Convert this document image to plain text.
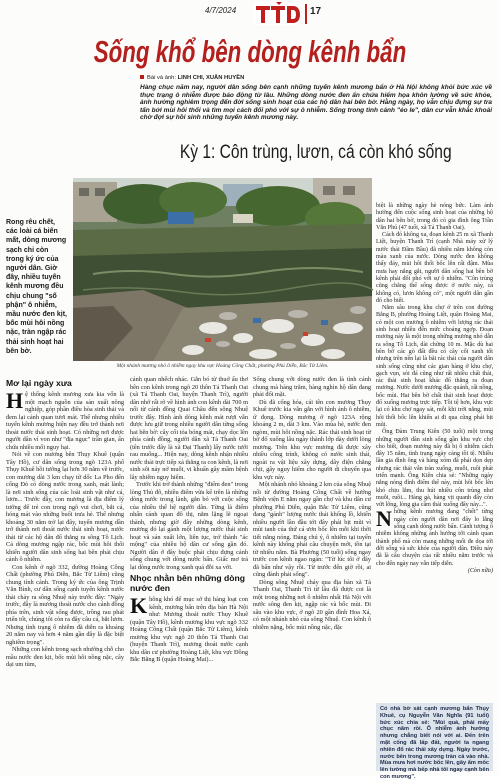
4/7/2024	17
Sống khổ bên dòng kênh bẩn
Bài và ảnh: LINH CHI, XUÂN HUYỀN

Hàng chục năm nay, người dân sống bên cạnh những tuyến kênh mương bẩn ở Hà Nội không khỏi bức xúc về thực trạng ô nhiễm được báo động từ lâu. Những dòng nước đen ẩn chứa hiểm họa khôn lường về sức khỏe, ảnh hưởng nghiêm trọng đến đời sống sinh hoạt của các hộ dân hai bên bờ. Hằng ngày, họ vẫn chịu đựng sự tra tấn bởi mùi hôi thối và tìm mọi cách đối phó với sự ô nhiễm. Sống trong tình cảnh "éo le", dân cư vẫn khắc khoải chờ đợi sự hồi sinh những tuyến kênh mương này.

Kỳ 1: Côn trùng, lươn, cá còn khó sống

Rong rêu chết, các loài cá biến mất, dòng mương sạch chỉ còn trong ký ức của người dân. Giờ đây, nhiều tuyến kênh mương đều chịu chung "số phận" ô nhiễm, mầu nước đen kịt, bốc mùi hôi nồng nặc, tràn ngập rác thải sinh hoạt hai bên bờ.

Một nhánh mương nhỏ ô nhiễm ngay khu vực Hoàng Công Chất, phường Phú Diễn, Bắc Từ Liêm.

Mơ lại ngày xưa

Hệ thống kênh mương xưa kia vốn là một mạch nguồn của sản xuất nông nghiệp, góp phần điều hòa sinh thái và đem lại cảnh quan tươi mát. Thế nhưng nhiều tuyến kênh mương hiện nay đều trở thành nơi thoát nước thải sinh hoạt. Có những nơi được người dân ví von như "địa ngục" trần gian, ẩn chứa nhiều mối nguy hại.

Nói về con mương bên Thụy Khuê (quận Tây Hồ), cư dân sống trong ngõ 123A phố Thụy Khuê hồi tưởng lại hơn 30 năm về trước, con mương dài 3 km chạy từ dốc La Pho đến cống Đỏ có dòng nước trong xanh, mát lành; là nơi sinh sống của các loài sinh vật như cá, lươn... Trước đây, con mương là địa điểm lý tưởng để trẻ con trong ngõ vui chơi, bắt cá, hóng mát vào những buổi trưa hè. Thế nhưng khoảng 30 năm trở lại đây, tuyến mương dần trở thành nơi thoát nước thải sinh hoạt, nước thải từ các hộ dân đổ thẳng ra sông Tô Lịch. Cả dòng mương ngập rác, bốc mùi hôi thối khiến người dân sinh sống hai bên phải chịu cảnh ô nhiễm.

Con kênh ở ngõ 332, đường Hoàng Công Chất (phường Phú Diễn, Bắc Từ Liêm) cũng chung tình cảnh. Trong ký ức của ông Trịnh Văn Bình, cư dân sống cạnh tuyến kênh nước thải chảy ra sông Nhuệ này trước đây: "Ngày trước, đây là mương thoát nước cho cánh đồng phía trên, sinh vật sống được, trồng rau phát triển tốt, chúng tôi còn ra đây câu cá, bắt lươn. Nhưng tình trạng ô nhiễm đã diễn ra khoảng 20 năm nay và hơn 4 năm gần đây là đặc biệt nghiêm trọng".

Những con kênh trong sạch nhường chỗ cho mầu nước đen kịt, bốc mùi hôi nồng nặc, cây dại um tùm,

cảnh quan nhếch nhác. Gắn bó từ thuở ấu thơ bên con kênh trong ngõ 20 thôn Tả Thanh Oai (xã Tả Thanh Oai, huyện Thanh Trì), người dân nhớ rất rõ về hình ảnh con kênh dài 700 m nối từ cánh đồng Quai Châu đến sông Nhuệ trước đây. Hình ảnh dòng kênh mát rượi vẫn được lưu giữ trong nhiều người dân từng sống hai bên bờ: cây cối tỏa bóng mát, chạy dọc lên phía cánh đồng, người dân xã Tả Thanh Oai (tên trước đây là xã Đại Thanh) lấy nước tưới rau muống... Hiện nay, dòng kênh nhận nhiều nước thải trực tiếp xả thẳng ra con kênh, là nơi sinh sôi nảy nở muỗi, vi khuẩn gây mầm bệnh lây nhiễm nguy hiểm.

Trước khi trở thành những "điểm đen" trong lòng Thủ đô, nhiều điểm vừa kể trên là những dòng nước trong lành, gắn bó với cuộc sống của nhiều thế hệ người dân. Từng là điểm nhấn cảnh quan đô thị, nằm lặng lẽ ngoại thành, nhưng giờ đây những dòng kênh, mương đó lại gánh một lượng nước thải sinh hoạt và sản xuất lớn, liên tục, trở thành "ác mộng" của nhiều hộ dân cư sống gần đó. Người dân ở đây buộc phải chịu đựng cảnh sống chung với dòng nước bẩn. Giấc mơ trả lại dòng nước trong xanh quá đỗi xa vời.

Nhọc nhằn bên những dòng nước đen

Không khó để mục sở thị hàng loạt con kênh, mương bẩn trên địa bàn Hà Nội như: Mương thoát nước Thụy Khuê (quận Tây Hồ), kênh mương khu vực ngõ 332 Hoàng Công Chất (quận Bắc Từ Liêm), kênh mương khu vực ngõ 20 thôn Tả Thanh Oai (huyện Thanh Trì), mương thoát nước cạnh khu dân cư phường Hoàng Liệt, khu vực Đồng Bắc Bằng B (quận Hoàng Mai)...

Sống chung với dòng nước đen là tình cảnh chung mà hàng trăm, hàng nghìn hộ dân đang phải đối mặt.

Dù đã cống hóa, cái tên con mương Thụy Khuê trước kia vẫn gắn với hình ảnh ô nhiễm, ứ đọng. Dòng mương ở ngõ 123A rộng khoảng 2 m, dài 3 km. Vào mùa hè, nước đen ngòm, mùi hôi nồng nặc. Rác thải sinh hoạt từ bờ đổ xuống lâu ngày thành lớp dày dưới lòng mương. Trên khu vực mương đã được xây nhiều công trình, không có nước sinh thái, ngoài ra vật liệu xây dựng, dây điện chằng chịt, gây nguy hiểm cho người di chuyển qua khu vực này.

Một nhánh nhỏ khoảng 2 km của sông Nhuệ nối từ đường Hoàng Công Chất về hướng Bệnh viện E nằm ngay gần chợ và khu dân cư phường Phú Diễn, quận Bắc Từ Liêm, cũng đang "gánh" lượng nước thải khổng lồ, khiến nhiều người lần đầu tới đây phải bịt mũi vì mùi tanh của thứ cá ươn bốc lên mỗi khi thời tiết nắng nóng. Đáng chú ý, ô nhiễm tại tuyến kênh này không phải câu chuyện mới, tồn tại từ nhiều năm. Bà Phương (50 tuổi) sống ngay trước con kênh ngao ngán: "Từ lúc tôi ở đây đã bẩn như vậy rồi. Từ trước đến giờ rồi, ai cũng đành phải sống".

Dòng sông Nhuệ chảy qua địa bàn xã Tả Thanh Oai, Thanh Trì từ lâu đã được coi là một trong những nơi ô nhiễm nhất Hà Nội với nước sông đen kịt, ngập rác và bốc mùi. Đi sâu vào khu vực, ở ngõ 20 gần đình Hoa Xá, có một nhánh nhỏ của sông Nhuệ. Con kênh ô nhiễm nặng, bốc mùi nồng nặc, đặc

biệt là những ngày hè nóng bức. Làm ảnh hưởng đến cuộc sống sinh hoạt của những hộ dân hai bên bờ, trong đó có gia đình ông Trần Văn Phú (47 tuổi, xã Tả Thanh Oai).

Cách đó không xa, đoạn kênh 25 m xã Thanh Liệt, huyện Thanh Trì (cạnh Nhà máy xử lý nước thải Đầm Bầu) đã nhiều năm không còn màu xanh của nước. Dòng nước đen không thấy đáy, mùi hôi thối bốc lên rất đậm. Mùa mưa hay nắng gắt, người dân sống hai bên bờ kênh phải đối phó với sự ô nhiễm. "Côn trùng cũng chẳng thể sống được ở nước này, cá không có, lươn không có", một người dân gần đó cho biết.

Nằm sâu trong khu chợ ở trên con đường Bằng B, phường Hoàng Liệt, quận Hoàng Mai, có một con mương ô nhiễm với lượng rác thải sinh hoạt nhiều đến mức choáng ngợp. Đoạn mương này là một trong những mương nhỏ dẫn ra sông Tô Lịch, dài chừng 10 m. Mặc dù hai bên bờ các gò đất đều có cây cối xanh tốt nhưng trên nền lại là bãi rác thải của người dân sinh sống cũng như các gian hàng ở khu chợ, gạch vụn, sỏi đá cũng như rất nhiều chất thải, rác thải sinh hoạt khác đổ thẳng ra đoạn mương. Nước dưới mương đặc quánh, rất nồng, bốc mùi. Hai bên bờ chất thải sinh hoạt được đổ xuống mương trực tiếp. Tồi tệ hơn, khu vực lại có khu chợ ngay sát, mỗi khi trời nắng, mùi hôi thối bốc lên khiến ai đi qua cũng phải bịt mũi.

Ông Đàm Trung Kiên (50 tuổi) một trong những người dân sinh sống gần khu vực chợ cho biết, đoạn mương này đã bị ô nhiễm cách đây 15 năm, tình trạng ngày càng tồi tệ. Nhiều lần gia đình ông và hàng xóm đã phải dọn dẹp nhưng rác thải vẫn tràn xuống, muỗi, ruồi phát triển mạnh. Ông Kiên chia sẻ: "Những ngày nắng nóng đỉnh điểm thế này, mùi hôi bốc lên khó chịu lắm, thu hút nhiều côn trùng như muỗi, ruồi... Hàng gà, hàng vịt quanh đây còn vứt lông, lòng gia cầm thải xuống đây này...".

Những kênh mương đang "chết" từng ngày còn người dân nơi đây lo lắng sống cạnh dòng nước bẩn. Cảnh tượng ô nhiễm không những ảnh hưởng tới cảnh quan thành phố mà còn mang những mối đe dọa tới đời sống và sức khỏe của người dân. Điều này đã là câu chuyện của rất nhiều năm trước và cho đến ngày nay vẫn tiếp diễn.

(Còn nữa)

Có nhà bờ sát cạnh mương bẩn Thụy Khuê, cụ Nguyễn Văn Nghĩa (91 tuổi) bức xúc chia sẻ: "Mùi quá, phải mấy chục năm rồi. Ô nhiễm ảnh hưởng nhưng chẳng biết nói với ai. Đến trên mặt cống đã lấp đất, người ta ngang nhiên đổ rác thải xây dựng. Ngày trước, nước bên trong mương tràn cả vào nhà. Mùa mưa hơi nước bốc lên, gây ẩm mốc lên tường mà bếp nhà tôi ngay cạnh bên con mương".
